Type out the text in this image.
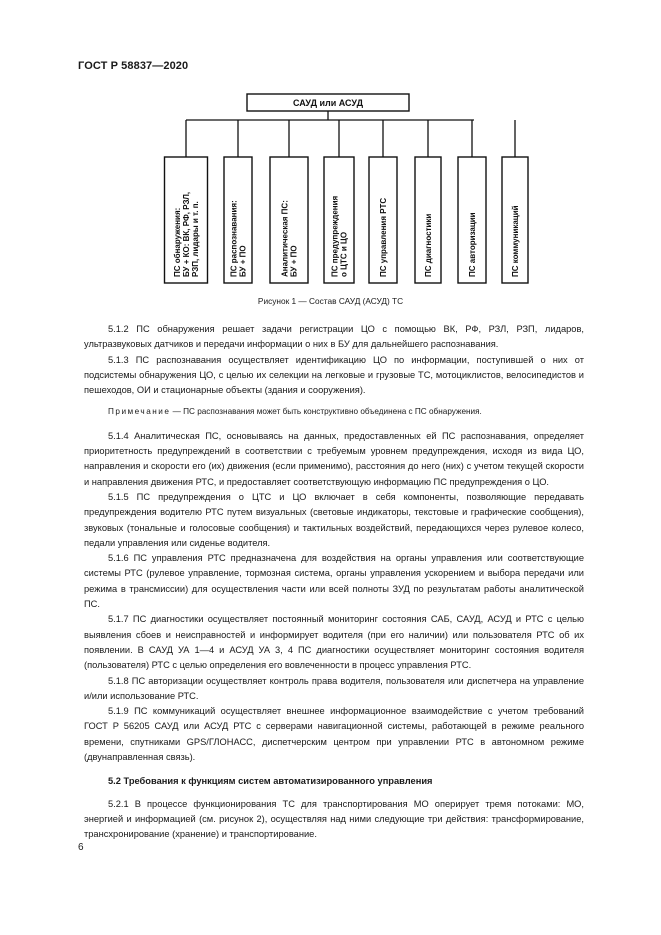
ГОСТ Р 58837—2020
САУД или АСУД
ПС обнаружения: БУ + КО: ВК, РФ, РЗЛ, РЗП, лидары и т. п.	ПС распознавания: БУ + ПО	Аналитическая ПС: БУ + ПО	ПС предупреждения о ЦТС и ЦО	ПС управления РТС	ПС диагностики	ПС авторизации	ПС коммуникаций
Рисунок 1 — Состав САУД (АСУД) ТС

5.1.2 ПС обнаружения решает задачи регистрации ЦО с помощью ВК, РФ, РЗЛ, РЗП, лидаров, ультразвуковых датчиков и передачи информации о них в БУ для дальнейшего распознавания.

5.1.3 ПС распознавания осуществляет идентификацию ЦО по информации, поступившей о них от подсистемы обнаружения ЦО, с целью их селекции на легковые и грузовые ТС, мотоциклистов, велосипедистов и пешеходов, ОИ и стационарные объекты (здания и сооружения).

Примечание — ПС распознавания может быть конструктивно объединена с ПС обнаружения.

5.1.4 Аналитическая ПС, основываясь на данных, предоставленных ей ПС распознавания, определяет приоритетность предупреждений в соответствии с требуемым уровнем предупреждения, исходя из вида ЦО, направления и скорости его (их) движения (если применимо), расстояния до него (них) с учетом текущей скорости и направления движения РТС, и предоставляет соответствующую информацию ПС предупреждения о ЦО.

5.1.5 ПС предупреждения о ЦТС и ЦО включает в себя компоненты, позволяющие передавать предупреждения водителю РТС путем визуальных (световые индикаторы, текстовые и графические сообщения), звуковых (тональные и голосовые сообщения) и тактильных воздействий, передающихся через рулевое колесо, педали управления или сиденье водителя.

5.1.6 ПС управления РТС предназначена для воздействия на органы управления или соответствующие системы РТС (рулевое управление, тормозная система, органы управления ускорением и выбора передачи или режима в трансмиссии) для осуществления части или всей полноты ЗУД по результатам работы аналитической ПС.

5.1.7 ПС диагностики осуществляет постоянный мониторинг состояния САБ, САУД, АСУД и РТС с целью выявления сбоев и неисправностей и информирует водителя (при его наличии) или пользователя РТС об их появлении. В САУД УА 1—4 и АСУД УА 3, 4 ПС диагностики осуществляет мониторинг состояния водителя (пользователя) РТС с целью определения его вовлеченности в процесс управления РТС.

5.1.8 ПС авторизации осуществляет контроль права водителя, пользователя или диспетчера на управление и/или использование РТС.

5.1.9 ПС коммуникаций осуществляет внешнее информационное взаимодействие с учетом требований ГОСТ Р 56205 САУД или АСУД РТС с серверами навигационной системы, работающей в режиме реального времени, спутниками GPS/ГЛОНАСС, диспетчерским центром при управлении РТС в автономном режиме (двунаправленная связь).

5.2 Требования к функциям систем автоматизированного управления

5.2.1 В процессе функционирования ТС для транспортирования МО оперирует тремя потоками: МО, энергией и информацией (см. рисунок 2), осуществляя над ними следующие три действия: трансформирование, трансхронирование (хранение) и транспортирование.

6
